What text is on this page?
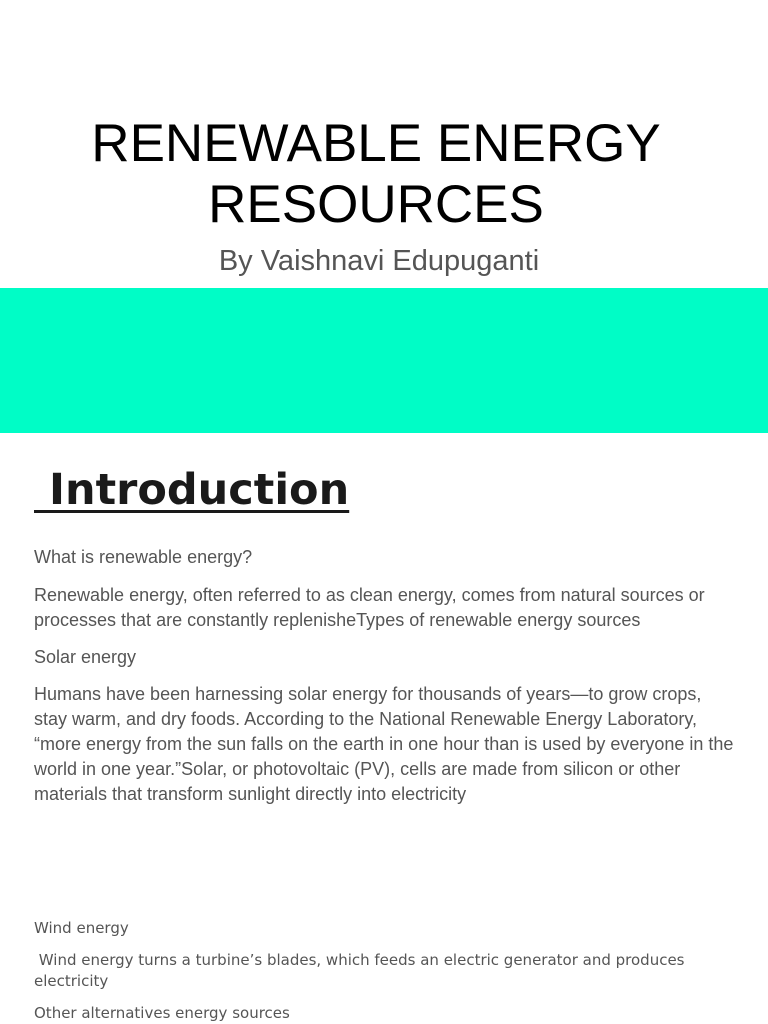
RENEWABLE ENERGY
RESOURCES

By Vaishnavi Edupuganti

Introduction

What is renewable energy?

Renewable energy, often referred to as clean energy, comes from natural sources or processes that are constantly replenisheTypes of renewable energy sources

Solar energy

Humans have been harnessing solar energy for thousands of years—to grow crops, stay warm, and dry foods. According to the National Renewable Energy Laboratory, “more energy from the sun falls on the earth in one hour than is used by everyone in the world in one year.”Solar, or photovoltaic (PV), cells are made from silicon or other materials that transform sunlight directly into electricity

Wind energy

Wind energy turns a turbine’s blades, which feeds an electric generator and produces electricity

Other alternatives energy sources
